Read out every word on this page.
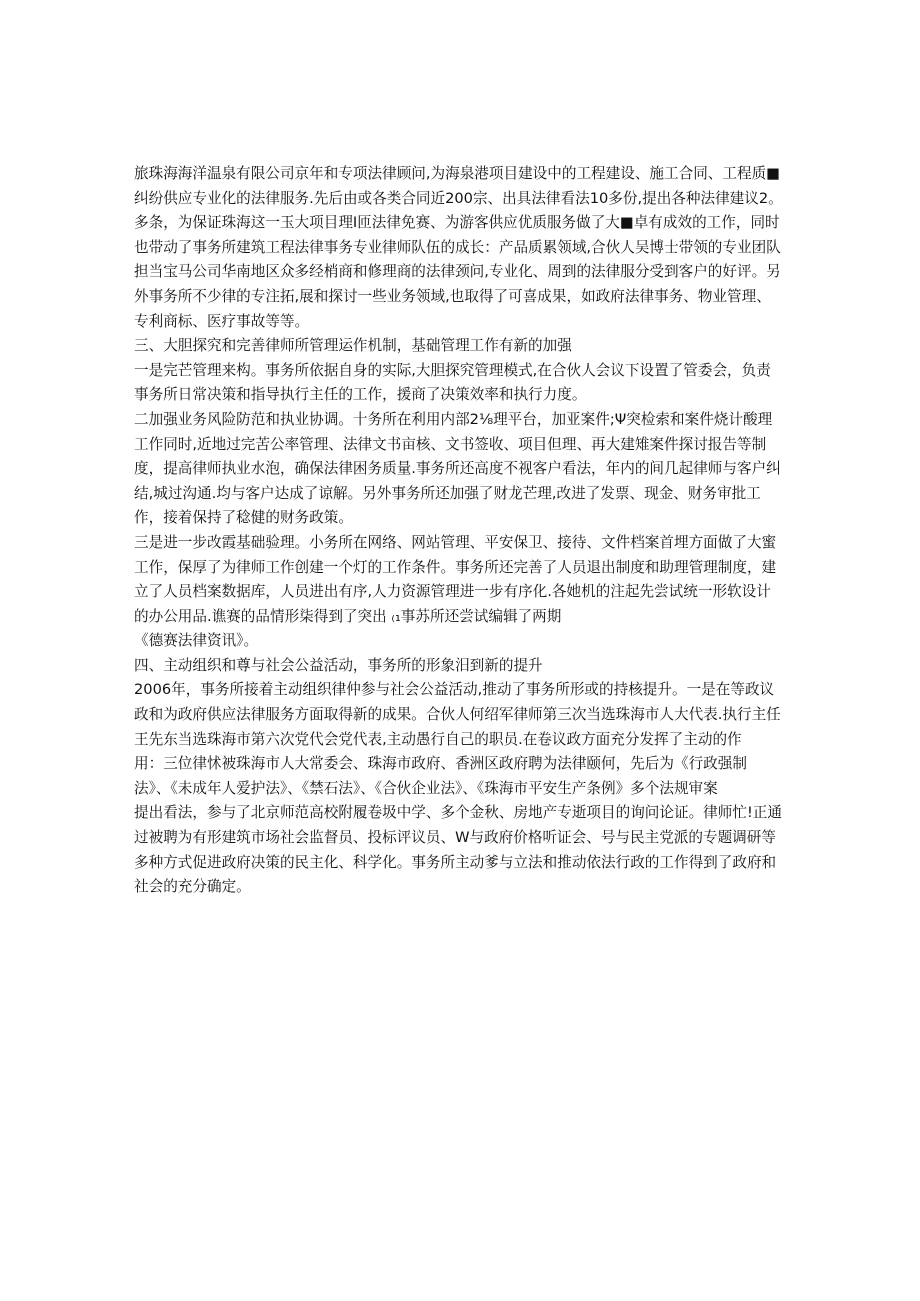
旅珠海海洋温泉有限公司京年和专项法律顾问,为海泉港项目建设中的工程建设、施工合同、工程质■
纠纷供应专业化的法律服务.先后由或各类合同近200宗、出具法律看法10多份,提出各种法律建议2。
多条，为保证珠海这一玉大项目理I匝法律免赛、为游客供应优质服务做了大■卓有成效的工作，同时
也带动了事务所建筑工程法律事务专业律师队伍的成长：产品质累领域,合伙人吴博士带领的专业团队
担当宝马公司华南地区众多经梢商和修理商的法律颈问,专业化、周到的法律服分受到客户的好评。另
外事务所不少律的专注拓,展和探讨一些业务领域,也取得了可喜成果，如政府法律事务、物业管理、
专利商标、医疗事故等等。
三、大胆探究和完善律师所管理运作机制，基础管理工作有新的加强
一是完芒管理来构。事务所依据自身的实际,大胆探究管理模式,在合伙人会议下设置了管委会，负责
事务所日常决策和指导执行主任的工作，援商了决策效率和执行力度。
二加强业务风险防范和执业协调。十务所在利用内部2⅛理平台，加亚案件;Ψ突检索和案件烧计酸理
工作同时,近地过完苦公率管理、法律文书亩核、文书签收、项目但理、再大建雉案件探讨报告等制
度，提高律师执业水泡，确保法律困务质量.事务所还高度不视客户看法，年内的间几起律师与客户纠
结,城过沟通.均与客户达成了谅解。另外事务所还加强了财龙芒理,改进了发票、现金、财务审批工
作，接着保持了稔健的财务政策。
三是进一步改霞基础验理。小务所在网络、网站管理、平安保卫、接待、文件档案首埋方面做了大蜜
工作，保厚了为律师工作创建一个灯的工作条件。事务所还完善了人员退出制度和助理管理制度，建
立了人员档案数据库，人员进出有序,人力资源管理进一步有序化.各她机的注起先尝试统一形软设计
的办公用品.谯赛的品情形柒得到了突出 ₍₁事苏所还尝试编辑了两期
《德赛法律资讯》。
四、主动组织和尊与社会公益活动，事务所的形象汨到新的提升
2006年，事务所接着主动组织律仲参与社会公益活动,推动了事务所形或的持核提升。一是在等政议
政和为政府供应法律服务方面取得新的成果。合伙人何绍军律师第三次当选珠海市人大代表.执行主任
王先东当选珠海市第六次党代会党代表,主动愚行自己的职员.在卷议政方面充分发挥了主动的作
用：三位律怵被珠海市人大常委会、珠海市政府、香洲区政府聘为法律颐何，先后为《行政强制
法》、《未成年人爱护法》、《禁石法》、《合伙企业法》、《珠海市平安生产条例》多个法规审案
提出看法，参与了北京师范高校附履卷圾中学、多个金秋、房地产专逝项目的询问论证。律师忙!正通
过被聘为有形建筑市场社会监督员、投标评议员、W与政府价格听证会、号与民主党派的专题调研等
多种方式促进政府决策的民主化、科学化。事务所主动爹与立法和推动依法行政的工作得到了政府和
社会的充分确定。
